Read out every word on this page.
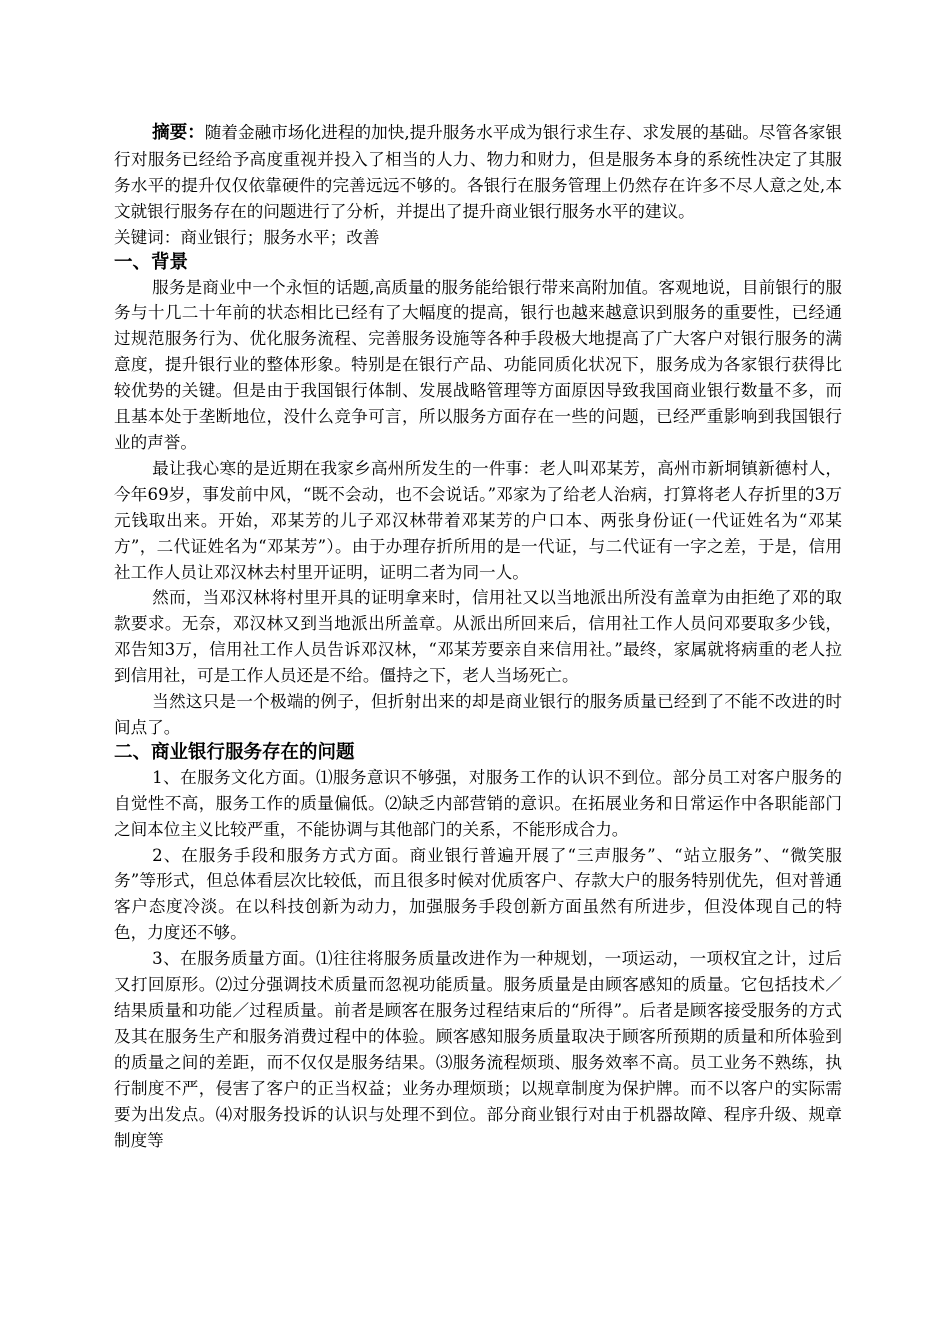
摘要：随着金融市场化进程的加快,提升服务水平成为银行求生存、求发展的基础。尽管各家银行对服务已经给予高度重视并投入了相当的人力、物力和财力，但是服务本身的系统性决定了其服务水平的提升仅仅依靠硬件的完善远远不够的。各银行在服务管理上仍然存在许多不尽人意之处,本文就银行服务存在的问题进行了分析，并提出了提升商业银行服务水平的建议。

关键词：商业银行；服务水平；改善
一、背景

服务是商业中一个永恒的话题,高质量的服务能给银行带来高附加值。客观地说，目前银行的服务与十几二十年前的状态相比已经有了大幅度的提高，银行也越来越意识到服务的重要性，已经通过规范服务行为、优化服务流程、完善服务设施等各种手段极大地提高了广大客户对银行服务的满意度，提升银行业的整体形象。特别是在银行产品、功能同质化状况下，服务成为各家银行获得比较优势的关键。但是由于我国银行体制、发展战略管理等方面原因导致我国商业银行数量不多，而且基本处于垄断地位，没什么竞争可言，所以服务方面存在一些的问题，已经严重影响到我国银行业的声誉。

最让我心寒的是近期在我家乡高州所发生的一件事：老人叫邓某芳，高州市新垌镇新德村人，今年69岁，事发前中风，“既不会动，也不会说话。”邓家为了给老人治病，打算将老人存折里的3万元钱取出来。开始，邓某芳的儿子邓汉林带着邓某芳的户口本、两张身份证(一代证姓名为“邓某方”，二代证姓名为“邓某芳”）。由于办理存折所用的是一代证，与二代证有一字之差，于是，信用社工作人员让邓汉林去村里开证明，证明二者为同一人。

然而，当邓汉林将村里开具的证明拿来时，信用社又以当地派出所没有盖章为由拒绝了邓的取款要求。无奈，邓汉林又到当地派出所盖章。从派出所回来后，信用社工作人员问邓要取多少钱，邓告知3万，信用社工作人员告诉邓汉林，“邓某芳要亲自来信用社。”最终，家属就将病重的老人拉到信用社，可是工作人员还是不给。僵持之下，老人当场死亡。

当然这只是一个极端的例子，但折射出来的却是商业银行的服务质量已经到了不能不改进的时间点了。

二、商业银行服务存在的问题

1、在服务文化方面。⑴服务意识不够强，对服务工作的认识不到位。部分员工对客户服务的自觉性不高，服务工作的质量偏低。⑵缺乏内部营销的意识。在拓展业务和日常运作中各职能部门之间本位主义比较严重，不能协调与其他部门的关系，不能形成合力。

2、在服务手段和服务方式方面。商业银行普遍开展了“三声服务”、“站立服务”、“微笑服务”等形式，但总体看层次比较低，而且很多时候对优质客户、存款大户的服务特别优先，但对普通客户态度冷淡。在以科技创新为动力，加强服务手段创新方面虽然有所进步，但没体现自己的特色，力度还不够。

3、在服务质量方面。⑴往往将服务质量改进作为一种规划，一项运动，一项权宜之计，过后又打回原形。⑵过分强调技术质量而忽视功能质量。服务质量是由顾客感知的质量。它包括技术／结果质量和功能／过程质量。前者是顾客在服务过程结束后的“所得”。后者是顾客接受服务的方式及其在服务生产和服务消费过程中的体验。顾客感知服务质量取决于顾客所预期的质量和所体验到的质量之间的差距，而不仅仅是服务结果。⑶服务流程烦琐、服务效率不高。员工业务不熟练，执行制度不严，侵害了客户的正当权益；业务办理烦琐；以规章制度为保护牌。而不以客户的实际需要为出发点。⑷对服务投诉的认识与处理不到位。部分商业银行对由于机器故障、程序升级、规章制度等
